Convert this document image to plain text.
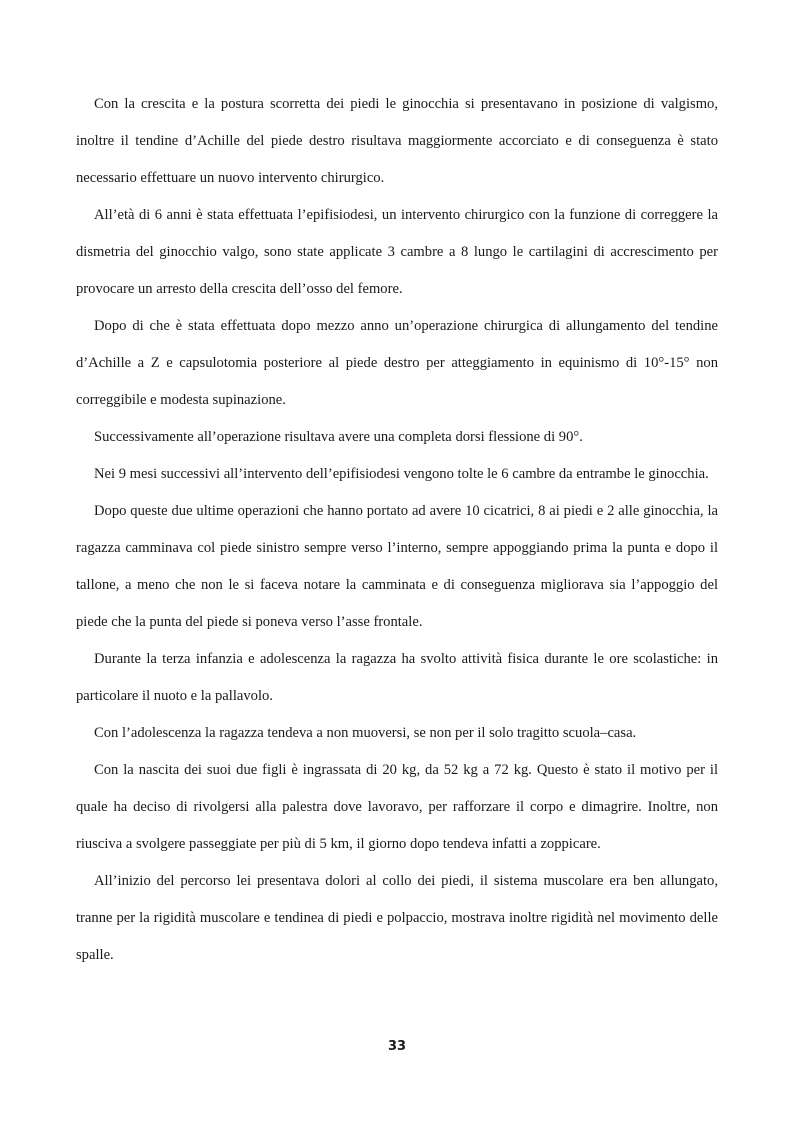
Con la crescita e la postura scorretta dei piedi le ginocchia si presentavano in posizione di valgismo, inoltre il tendine d’Achille del piede destro risultava maggiormente accorciato e di conseguenza è stato necessario effettuare un nuovo intervento chirurgico.

All’età di 6 anni è stata effettuata l’epifisiodesi, un intervento chirurgico con la funzione di correggere la dismetria del ginocchio valgo, sono state applicate 3 cambre a 8 lungo le cartilagini di accrescimento per provocare un arresto della crescita dell’osso del femore.

Dopo di che è stata effettuata dopo mezzo anno un’operazione chirurgica di allungamento del tendine d’Achille a Z e capsulotomia posteriore al piede destro per atteggiamento in equinismo di 10°-15° non correggibile e modesta supinazione.

Successivamente all’operazione risultava avere una completa dorsi flessione di 90°.

Nei 9 mesi successivi all’intervento dell’epifisiodesi vengono tolte le 6 cambre da entrambe le ginocchia.

Dopo queste due ultime operazioni che hanno portato ad avere 10 cicatrici, 8 ai piedi e 2 alle ginocchia, la ragazza camminava col piede sinistro sempre verso l’interno, sempre appoggiando prima la punta e dopo il tallone, a meno che non le si faceva notare la camminata e di conseguenza migliorava sia l’appoggio del piede che la punta del piede si poneva verso l’asse frontale.

Durante la terza infanzia e adolescenza la ragazza ha svolto attività fisica durante le ore scolastiche: in particolare il nuoto e la pallavolo.

Con l’adolescenza la ragazza tendeva a non muoversi, se non per il solo tragitto scuola–casa.

Con la nascita dei suoi due figli è ingrassata di 20 kg, da 52 kg a 72 kg. Questo è stato il motivo per il quale ha deciso di rivolgersi alla palestra dove lavoravo, per rafforzare il corpo e dimagrire. Inoltre, non riusciva a svolgere passeggiate per più di 5 km, il giorno dopo tendeva infatti a zoppicare.

All’inizio del percorso lei presentava dolori al collo dei piedi, il sistema muscolare era ben allungato, tranne per la rigidità muscolare e tendinea di piedi e polpaccio, mostrava inoltre rigidità nel movimento delle spalle.

33
